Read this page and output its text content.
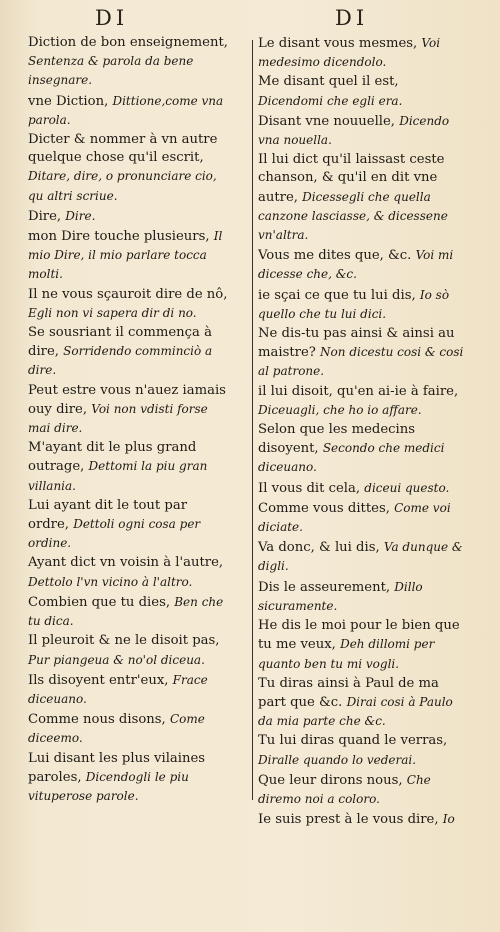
DI	DI
Diction de bon enseignement, Sentenza & parola da bene insegnare.
vne Diction, Dittione,come vna parola.
Dicter & nommer à vn autre quelque chose qu'il escrit, Ditare, dire, o pronunciare cio, qu altri scriue.
Dire, Dire.
mon Dire touche plusieurs, Il mio Dire, il mio parlare tocca molti.
Il ne vous sçauroit dire de nô, Egli non vi sapera dir di no.
Se sousriant il commença à dire, Sorridendo comminciò a dire.
Peut estre vous n'auez iamais ouy dire, Voi non vdisti forse mai dire.
M'ayant dit le plus grand outrage, Dettomi la piu gran villania.
Lui ayant dit le tout par ordre, Dettoli ogni cosa per ordine.
Ayant dict vn voisin à l'autre, Dettolo l'vn vicino à l'altro.
Combien que tu dies, Ben che tu dica.
Il pleuroit & ne le disoit pas, Pur piangeua & no'ol diceua.
Ils disoyent entr'eux, Frace diceuano.
Comme nous disons, Come diceemo.
Lui disant les plus vilaines paroles, Dicendogli le piu vituperose parole.
Le disant vous mesmes, Voi medesimo dicendolo.
Me disant quel il est, Dicendomi che egli era.
Disant vne nouuelle, Dicendo vna nouella.
Il lui dict qu'il laissast ceste chanson, & qu'il en dit vne autre, Dicessegli che quella canzone lasciasse, & dicessene vn'altra.
Vous me dites que, &c. Voi mi dicesse che, &c.
ie sçai ce que tu lui dis, Io sò quello che tu lui dici.
Ne dis-tu pas ainsi & ainsi au maistre? Non dicestu cosi & cosi al patrone.
il lui disoit, qu'en ai-ie à faire, Diceuagli, che ho io affare.
Selon que les medecins disoyent, Secondo che medici diceuano.
Il vous dit cela, diceui questo.
Comme vous dittes, Come voi diciate.
Va donc, & lui dis, Va dunque & digli.
Dis le asseurement, Dillo sicuramente.
He dis le moi pour le bien que tu me veux, Deh dillomi per quanto ben tu mi vogli.
Tu diras ainsi à Paul de ma part que &c. Dirai cosi à Paulo da mia parte che &c.
Tu lui diras quand le verras, Diralle quando lo vederai.
Que leur dirons nous, Che diremo noi a coloro.
Ie suis prest à le vous dire, Io
